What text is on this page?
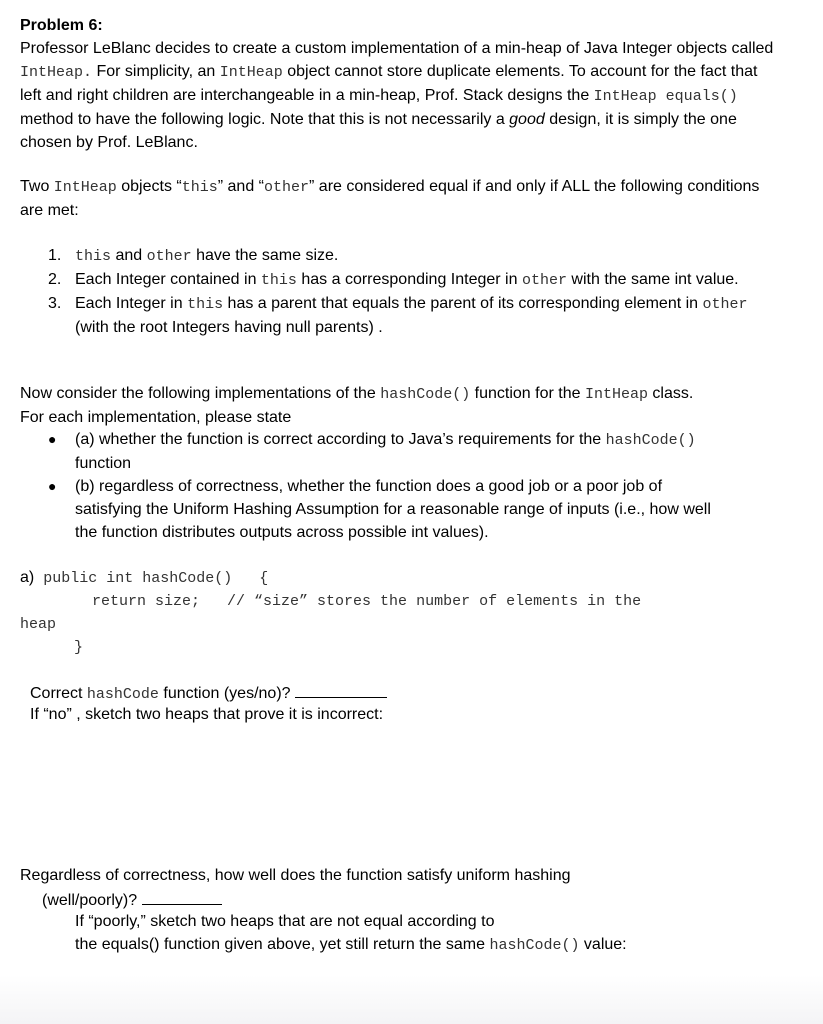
Problem 6:
Professor LeBlanc decides to create a custom implementation of a min-heap of Java Integer objects called IntHeap. For simplicity, an IntHeap object cannot store duplicate elements. To account for the fact that left and right children are interchangeable in a min-heap, Prof. Stack designs the IntHeap equals() method to have the following logic. Note that this is not necessarily a good design, it is simply the one chosen by Prof. LeBlanc.
Two IntHeap objects “this” and “other” are considered equal if and only if ALL the following conditions are met:
1. this and other have the same size.
2. Each Integer contained in this has a corresponding Integer in other with the same int value.
3. Each Integer in this has a parent that equals the parent of its corresponding element in other (with the root Integers having null parents) .
Now consider the following implementations of the hashCode() function for the IntHeap class. For each implementation, please state
●	(a) whether the function is correct according to Java’s requirements for the hashCode() function
●	(b) regardless of correctness, whether the function does a good job or a poor job of satisfying the Uniform Hashing Assumption for a reasonable range of inputs (i.e., how well the function distributes outputs across possible int values).
a) public int hashCode()   {
return size;   // “size” stores the number of elements in the
heap
}
Correct hashCode function (yes/no)?
If “no” , sketch two heaps that prove it is incorrect:
Regardless of correctness, how well does the function satisfy uniform hashing
(well/poorly)?
If “poorly,” sketch two heaps that are not equal according to
the equals() function given above, yet still return the same hashCode() value:
